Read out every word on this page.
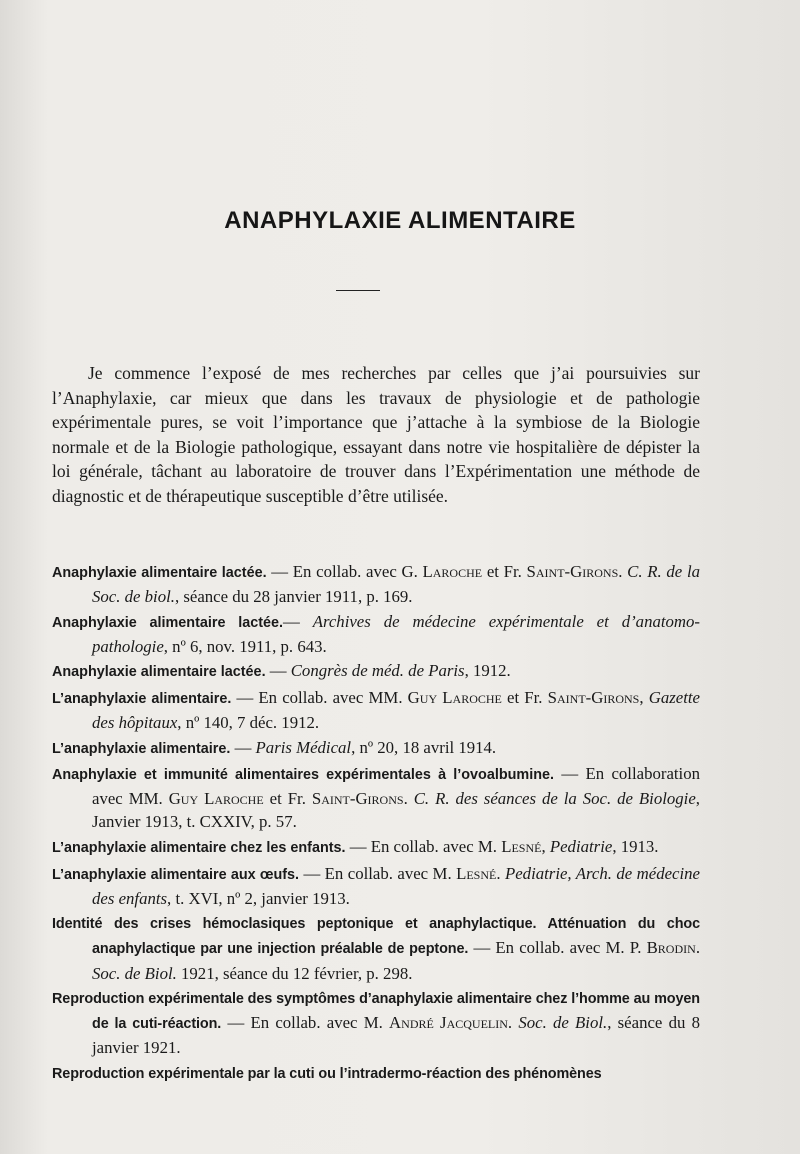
ANAPHYLAXIE ALIMENTAIRE

Je commence l’exposé de mes recherches par celles que j’ai poursuivies sur l’Anaphylaxie, car mieux que dans les travaux de physiologie et de pathologie expérimentale pures, se voit l’importance que j’attache à la symbiose de la Biologie normale et de la Biologie pathologique, essayant dans notre vie hospitalière de dépister la loi générale, tâchant au laboratoire de trouver dans l’Expérimentation une méthode de diagnostic et de thérapeutique susceptible d’être utilisée.

Anaphylaxie alimentaire lactée. — En collab. avec G. Laroche et Fr. Saint-Girons. C. R. de la Soc. de biol., séance du 28 janvier 1911, p. 169.
Anaphylaxie alimentaire lactée.— Archives de médecine expérimentale et d’anatomo-pathologie, nº 6, nov. 1911, p. 643.
Anaphylaxie alimentaire lactée. — Congrès de méd. de Paris, 1912.
L’anaphylaxie alimentaire. — En collab. avec MM. Guy Laroche et Fr. Saint-Girons, Gazette des hôpitaux, nº 140, 7 déc. 1912.
L’anaphylaxie alimentaire. — Paris Médical, nº 20, 18 avril 1914.
Anaphylaxie et immunité alimentaires expérimentales à l’ovoalbumine. — En collaboration avec MM. Guy Laroche et Fr. Saint-Girons. C. R. des séances de la Soc. de Biologie, Janvier 1913, t. CXXIV, p. 57.
L’anaphylaxie alimentaire chez les enfants. — En collab. avec M. Lesné, Pediatrie, 1913.
L’anaphylaxie alimentaire aux œufs. — En collab. avec M. Lesné. Pediatrie, Arch. de médecine des enfants, t. XVI, nº 2, janvier 1913.
Identité des crises hémoclasiques peptonique et anaphylactique. Atténuation du choc anaphylactique par une injection préalable de peptone. — En collab. avec M. P. Brodin. Soc. de Biol. 1921, séance du 12 février, p. 298.
Reproduction expérimentale des symptômes d’anaphylaxie alimentaire chez l’homme au moyen de la cuti-réaction. — En collab. avec M. André Jacquelin. Soc. de Biol., séance du 8 janvier 1921.
Reproduction expérimentale par la cuti ou l’intradermo-réaction des phénomènes
